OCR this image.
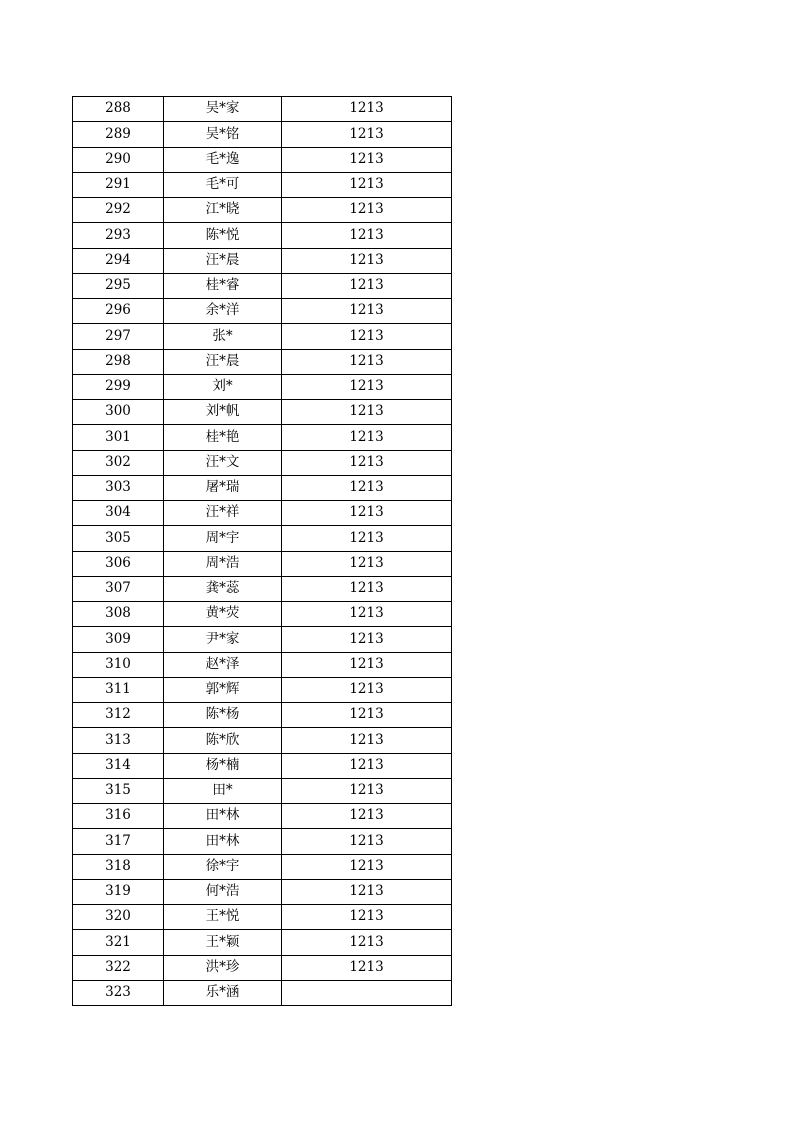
288	吴*家	1213
289	吴*铭	1213
290	毛*逸	1213
291	毛*可	1213
292	江*晓	1213
293	陈*悦	1213
294	汪*晨	1213
295	桂*睿	1213
296	余*洋	1213
297	张*	1213
298	汪*晨	1213
299	刘*	1213
300	刘*帆	1213
301	桂*艳	1213
302	汪*文	1213
303	屠*瑞	1213
304	汪*祥	1213
305	周*宇	1213
306	周*浩	1213
307	龚*蕊	1213
308	黄*荧	1213
309	尹*家	1213
310	赵*泽	1213
311	郭*辉	1213
312	陈*杨	1213
313	陈*欣	1213
314	杨*楠	1213
315	田*	1213
316	田*林	1213
317	田*林	1213
318	徐*宇	1213
319	何*浩	1213
320	王*悦	1213
321	王*颖	1213
322	洪*珍	1213
323	乐*涵	
